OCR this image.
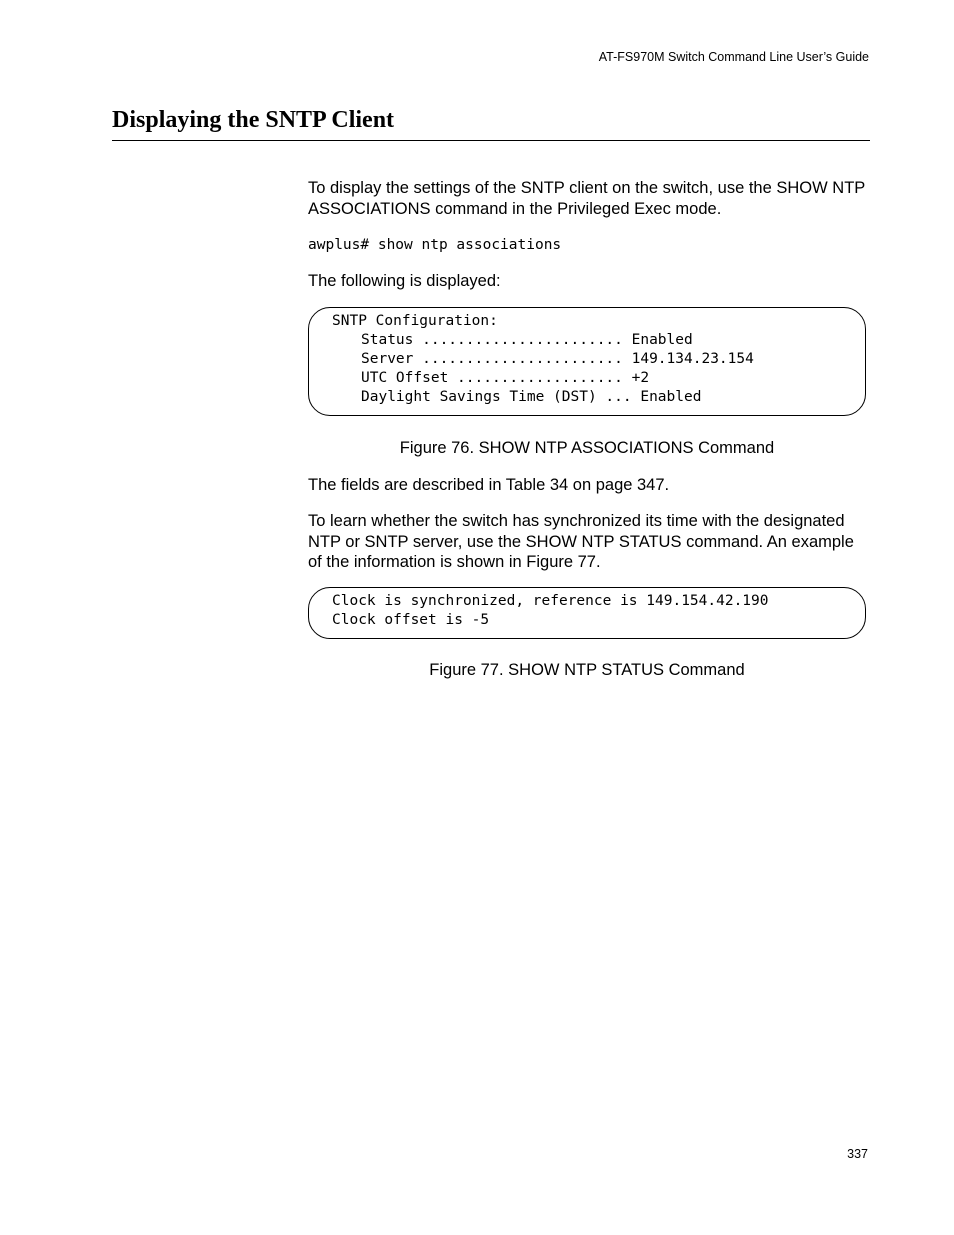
AT-FS970M Switch Command Line User’s Guide
Displaying the SNTP Client

To display the settings of the SNTP client on the switch, use the SHOW NTP ASSOCIATIONS command in the Privileged Exec mode.

awplus# show ntp associations

The following is displayed:

SNTP Configuration:
Status ....................... Enabled
Server ....................... 149.134.23.154
UTC Offset ................... +2
Daylight Savings Time (DST) ... Enabled

Figure 76. SHOW NTP ASSOCIATIONS Command

The fields are described in Table 34 on page 347.

To learn whether the switch has synchronized its time with the designated NTP or SNTP server, use the SHOW NTP STATUS command. An example of the information is shown in Figure 77.

Clock is synchronized, reference is 149.154.42.190
Clock offset is -5

Figure 77. SHOW NTP STATUS Command

337
